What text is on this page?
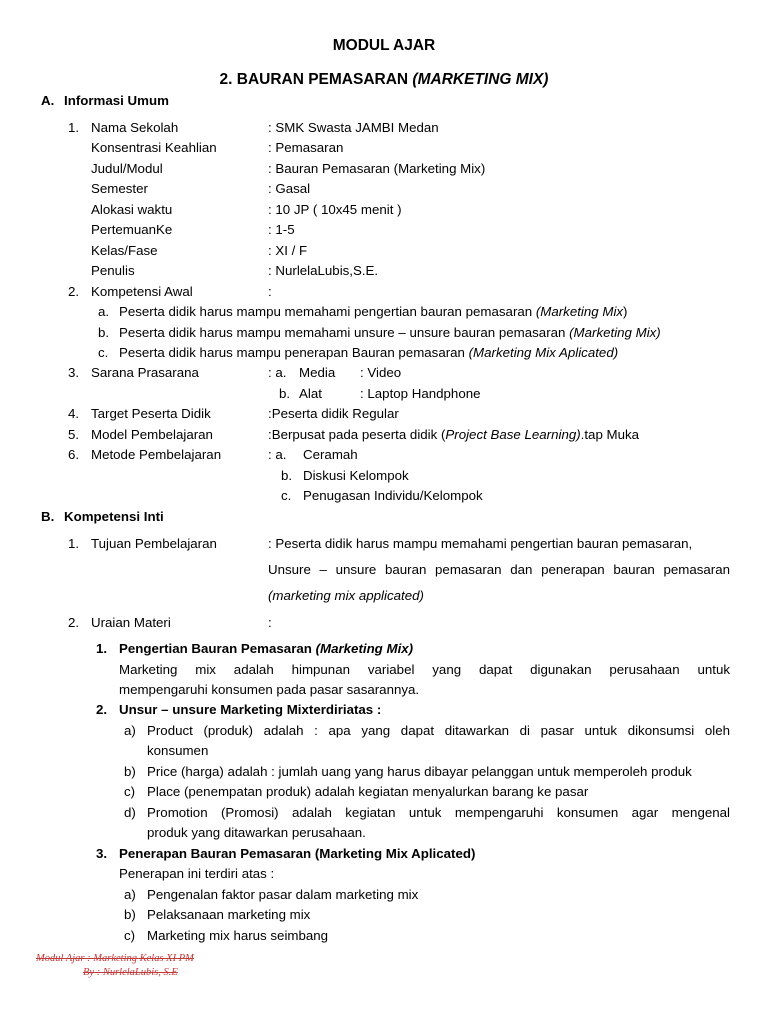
MODUL AJAR
2. BAURAN PEMASARAN (MARKETING MIX)
A. Informasi Umum
1. Nama Sekolah	: SMK Swasta JAMBI Medan
Konsentrasi Keahlian	: Pemasaran
Judul/Modul	: Bauran Pemasaran (Marketing Mix)
Semester	: Gasal
Alokasi waktu	: 10 JP ( 10x45 menit )
PertemuanKe	: 1-5
Kelas/Fase	: XI / F
Penulis	: NurlelaLubis,S.E.
2. Kompetensi Awal	:
a. Peserta didik harus mampu memahami pengertian bauran pemasaran (Marketing Mix)
b. Peserta didik harus mampu memahami unsure – unsure bauran pemasaran (Marketing Mix)
c. Peserta didik harus mampu penerapan Bauran pemasaran (Marketing Mix Aplicated)
3. Sarana Prasarana	: a. Media : Video
b. Alat	: Laptop Handphone
4. Target Peserta Didik	:Peserta didik Regular
5. Model Pembelajaran	:Berpusat pada peserta didik (Project Base Learning).tap Muka
6. Metode Pembelajaran	: a. Ceramah
b. Diskusi Kelompok
c. Penugasan Individu/Kelompok
B. Kompetensi Inti
1. Tujuan Pembelajaran	: Peserta didik harus mampu memahami pengertian bauran pemasaran,
Unsure – unsure bauran pemasaran dan penerapan bauran pemasaran
(marketing mix applicated)
2. Uraian Materi	:
1. Pengertian Bauran Pemasaran (Marketing Mix)
Marketing mix adalah himpunan variabel yang dapat digunakan perusahaan untuk
mempengaruhi konsumen pada pasar sasarannya.
2. Unsur – unsure Marketing Mixterdiriatas :
a) Product (produk) adalah : apa yang dapat ditawarkan di pasar untuk dikonsumsi oleh
konsumen
b) Price (harga) adalah : jumlah uang yang harus dibayar pelanggan untuk memperoleh produk
c) Place (penempatan produk) adalah kegiatan menyalurkan barang ke pasar
d) Promotion (Promosi) adalah kegiatan untuk mempengaruhi konsumen agar mengenal
produk yang ditawarkan perusahaan.
3. Penerapan Bauran Pemasaran (Marketing Mix Aplicated)
Penerapan ini terdiri atas :
a) Pengenalan faktor pasar dalam marketing mix
b) Pelaksanaan marketing mix
c) Marketing mix harus seimbang
Modul Ajar : Marketing Kelas XI PM
By : NurlelaLubis, S.E
